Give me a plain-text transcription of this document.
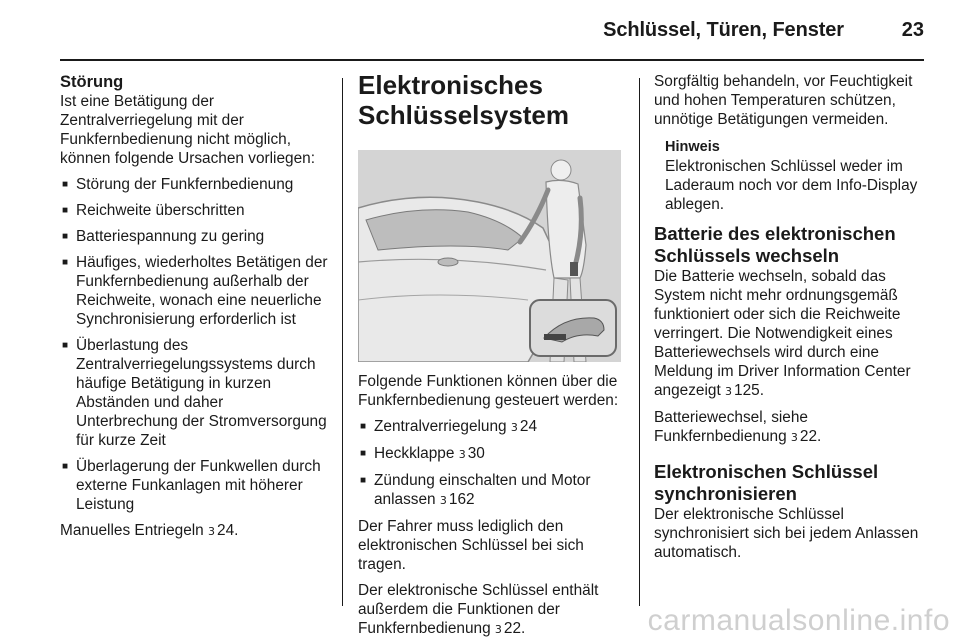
Schlüssel, Türen, Fenster	23
Störung

Ist eine Betätigung der Zentralverriegelung mit der Funkfernbedienung nicht möglich, können folgende Ursachen vorliegen:

■ Störung der Funkfernbedienung
■ Reichweite überschritten
■ Batteriespannung zu gering
■ Häufiges, wiederholtes Betätigen der Funkfernbedienung außerhalb der Reichweite, wonach eine neuerliche Synchronisierung erforderlich ist
■ Überlastung des Zentralverriegelungssystems durch häufige Betätigung in kurzen Abständen und daher Unterbrechung der Stromversorgung für kurze Zeit
■ Überlagerung der Funkwellen durch externe Funkanlagen mit höherer Leistung

Manuelles Entriegeln 3 24.

Elektronisches
Schlüsselsystem

Folgende Funktionen können über die Funkfernbedienung gesteuert werden:

■ Zentralverriegelung 3 24
■ Heckklappe 3 30
■ Zündung einschalten und Motor anlassen 3 162

Der Fahrer muss lediglich den elektronischen Schlüssel bei sich tragen.

Der elektronische Schlüssel enthält außerdem die Funktionen der Funkfernbedienung 3 22.

Sorgfältig behandeln, vor Feuchtigkeit und hohen Temperaturen schützen, unnötige Betätigungen vermeiden.

Hinweis

Elektronischen Schlüssel weder im Laderaum noch vor dem Info-Display ablegen.

Batterie des elektronischen Schlüssels wechseln

Die Batterie wechseln, sobald das System nicht mehr ordnungsgemäß funktioniert oder sich die Reichweite verringert. Die Notwendigkeit eines Batteriewechsels wird durch eine Meldung im Driver Information Center angezeigt 3 125.

Batteriewechsel, siehe Funkfernbedienung 3 22.

Elektronischen Schlüssel synchronisieren

Der elektronische Schlüssel synchronisiert sich bei jedem Anlassen automatisch.

carmanualsonline.info
